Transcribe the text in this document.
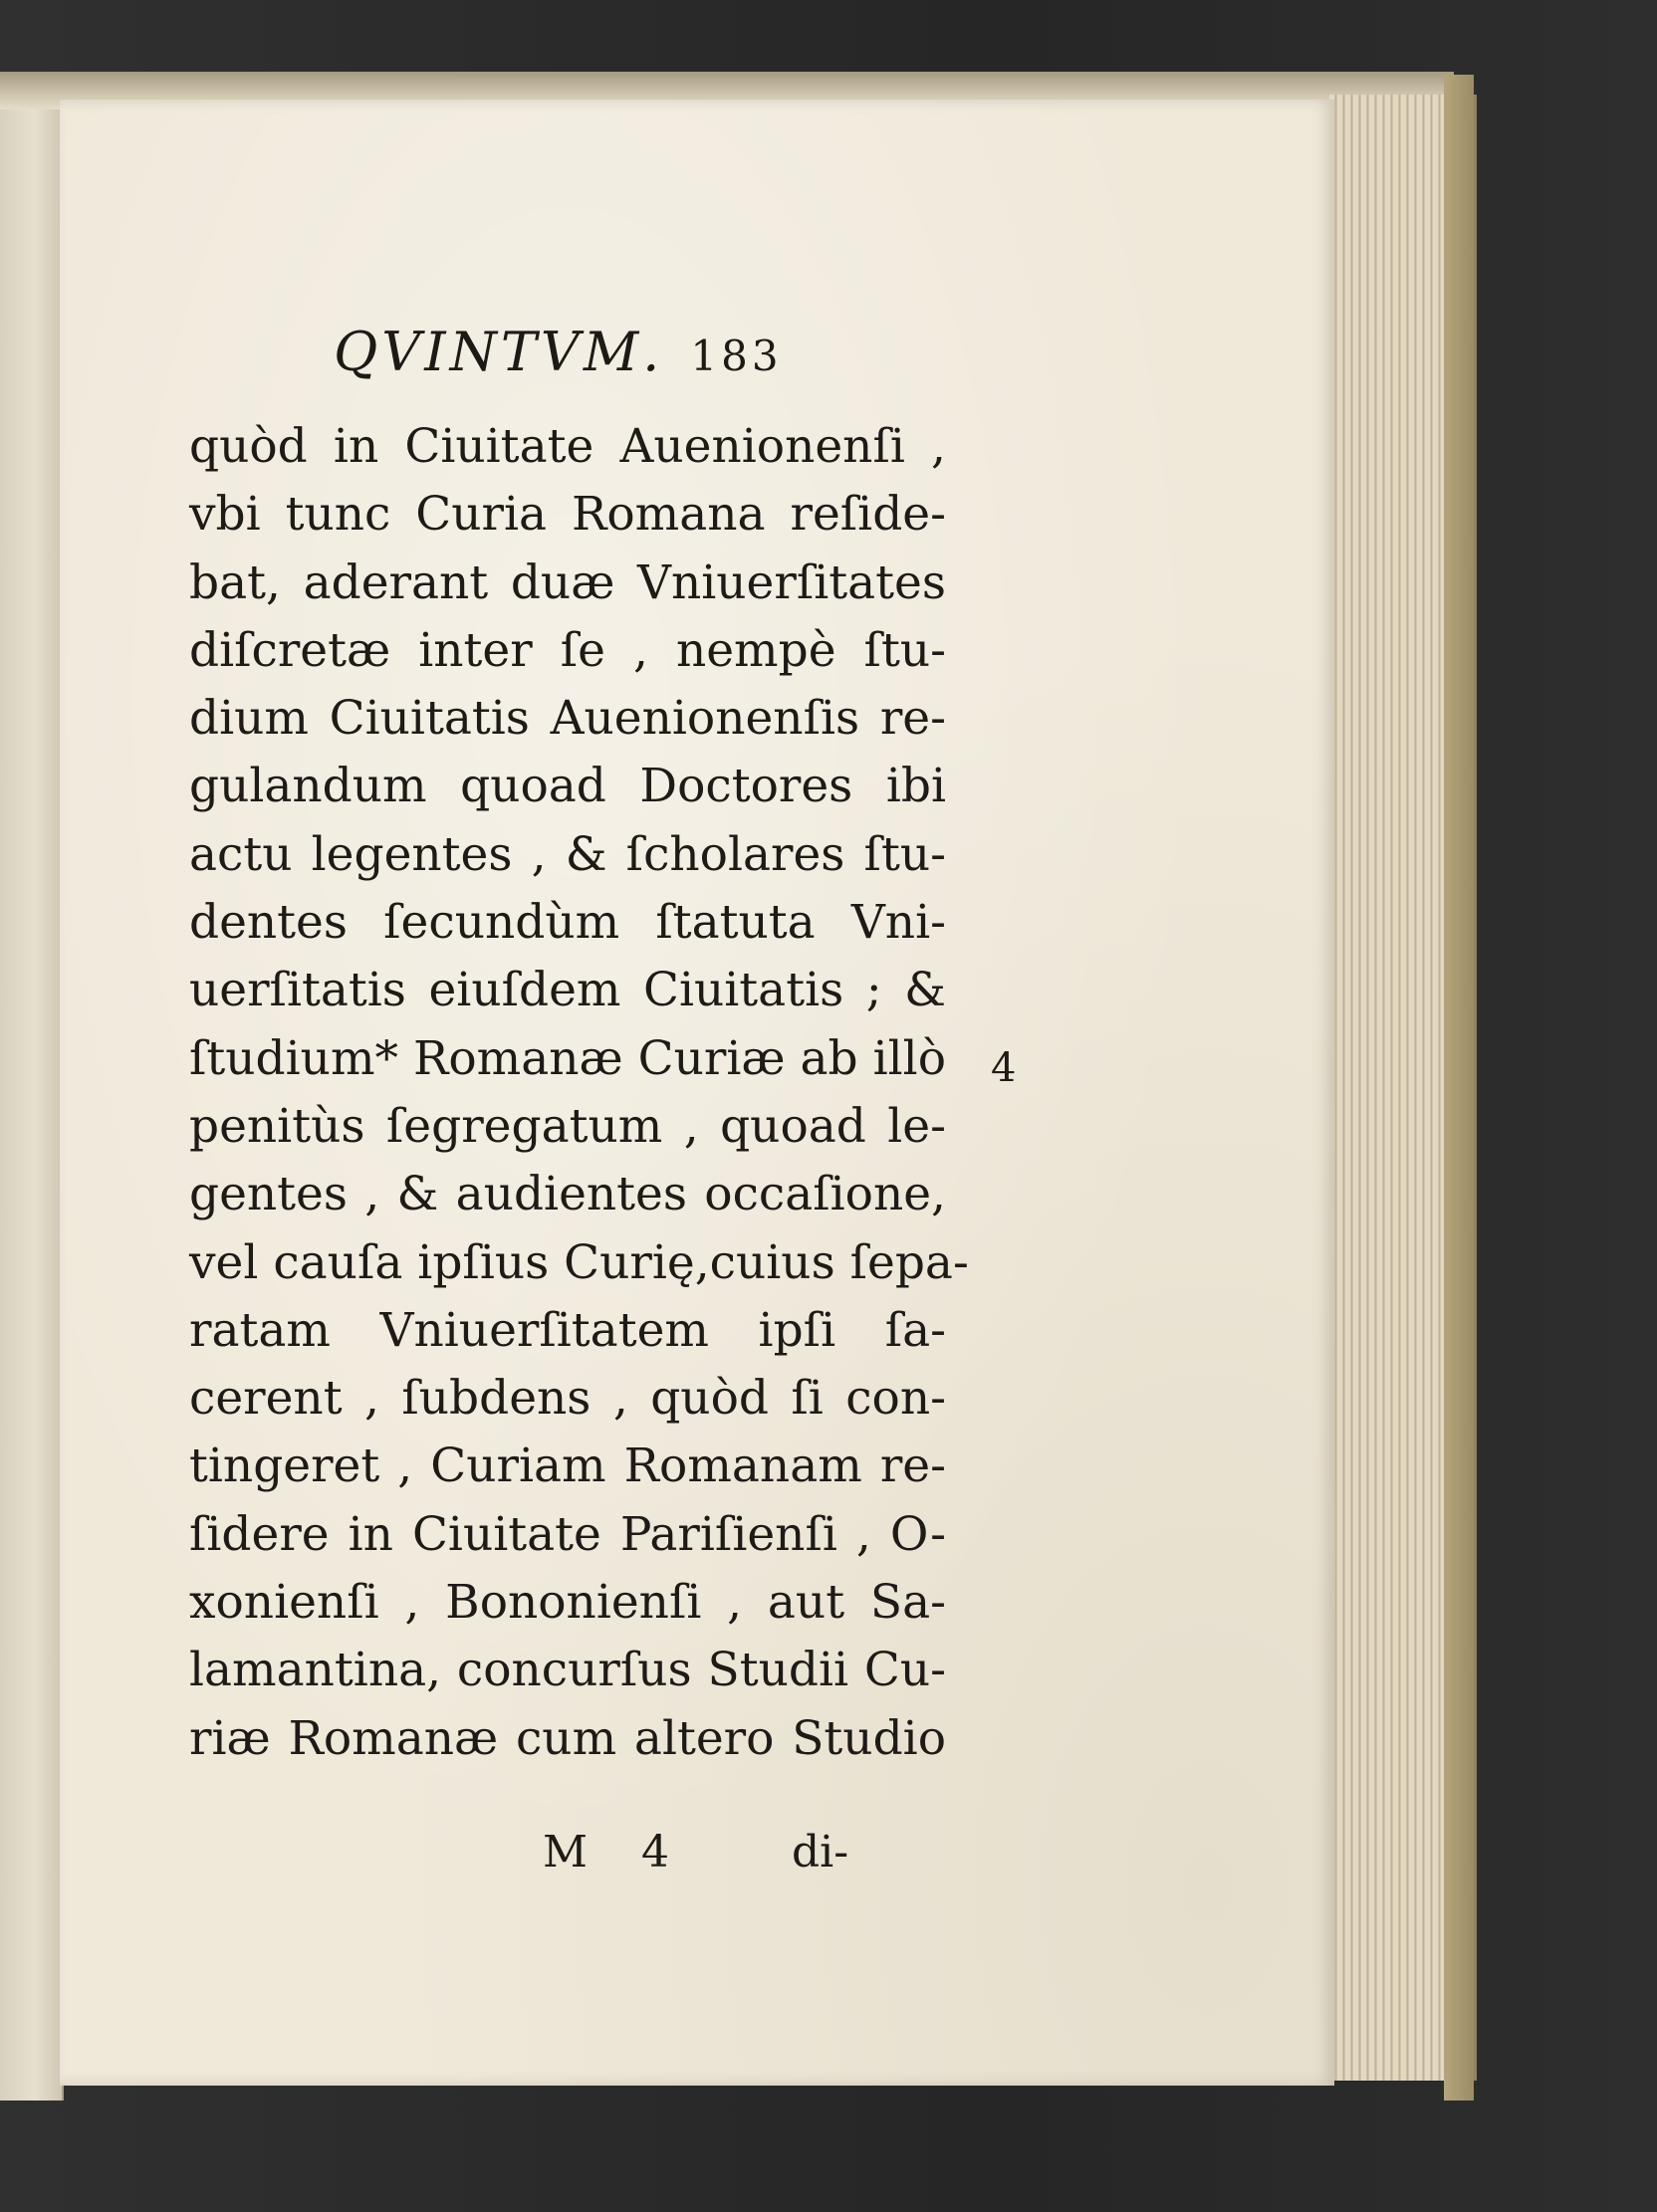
QVINTVM. 183
quòd in Ciuitate Auenionenſi ,
vbi tunc Curia Romana reſide-
bat, aderant duæ Vniuerſitates
diſcretæ inter ſe , nempè ſtu-
dium Ciuitatis Auenionenſis re-
gulandum quoad Doctores ibi
actu legentes , & ſcholares ſtu-
dentes ſecundùm ſtatuta Vni-
uerſitatis eiuſdem Ciuitatis ; &
ſtudium* Romanæ Curiæ ab illò
penitùs ſegregatum , quoad le-
gentes , & audientes occaſione,
vel cauſa ipſius Curię,cuius ſepa-
ratam Vniuerſitatem ipſi ſa-
cerent , ſubdens , quòd ſi con-
tingeret , Curiam Romanam re-
ſidere in Ciuitate Pariſienſi , O-
xonienſi , Bononienſi , aut Sa-
lamantina, concurſus Studii Cu-
riæ Romanæ cum altero Studio
4
M 4 di-
